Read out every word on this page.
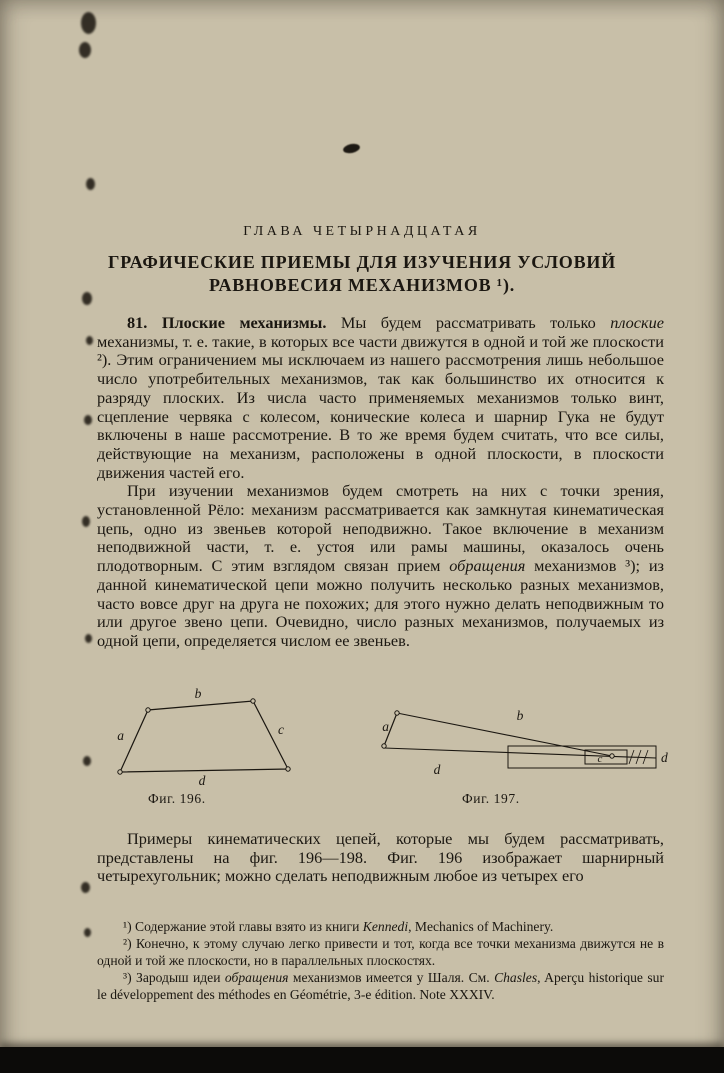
ГЛАВА ЧЕТЫРНАДЦАТАЯ
ГРАФИЧЕСКИЕ ПРИЕМЫ ДЛЯ ИЗУЧЕНИЯ УСЛОВИЙ
РАВНОВЕСИЯ МЕХАНИЗМОВ ¹).

81. Плоские механизмы. Мы будем рассматривать только плоские механизмы, т. е. такие, в которых все части движутся в одной и той же плоскости ²). Этим ограничением мы исключаем из нашего рассмотрения лишь небольшое число употребительных механизмов, так как большинство их относится к разряду плоских. Из числа часто применяемых механизмов только винт, сцепление червяка с колесом, конические колеса и шарнир Гука не будут включены в наше рассмотрение. В то же время будем считать, что все силы, действующие на механизм, расположены в одной плоскости, в плоскости движения частей его.

При изучении механизмов будем смотреть на них с точки зрения, установленной Рёло: механизм рассматривается как замкнутая кинематическая цепь, одно из звеньев которой неподвижно. Такое включение в механизм неподвижной части, т. е. устоя или рамы машины, оказалось очень плодотворным. С этим взглядом связан прием обращения механизмов ³); из данной кинематической цепи можно получить несколько разных механизмов, часто вовсе друг на друга не похожих; для этого нужно делать неподвижным то или другое звено цепи. Очевидно, число разных механизмов, получаемых из одной цепи, определяется числом ее звеньев.

a
b
c
d
Фиг. 196.
a
b
c
d
d
Фиг. 197.

Примеры кинематических цепей, которые мы будем рассматривать, представлены на фиг. 196—198. Фиг. 196 изображает шарнирный четырехугольник; можно сделать неподвижным любое из четырех его

¹) Содержание этой главы взято из книги Kennedi, Mechanics of Machinery.

²) Конечно, к этому случаю легко привести и тот, когда все точки механизма движутся не в одной и той же плоскости, но в параллельных плоскостях.

³) Зародыш идеи обращения механизмов имеется у Шаля. См. Chasles, Aperçu historique sur le développement des méthodes en Géométrie, 3-e édition. Note XXXIV.
